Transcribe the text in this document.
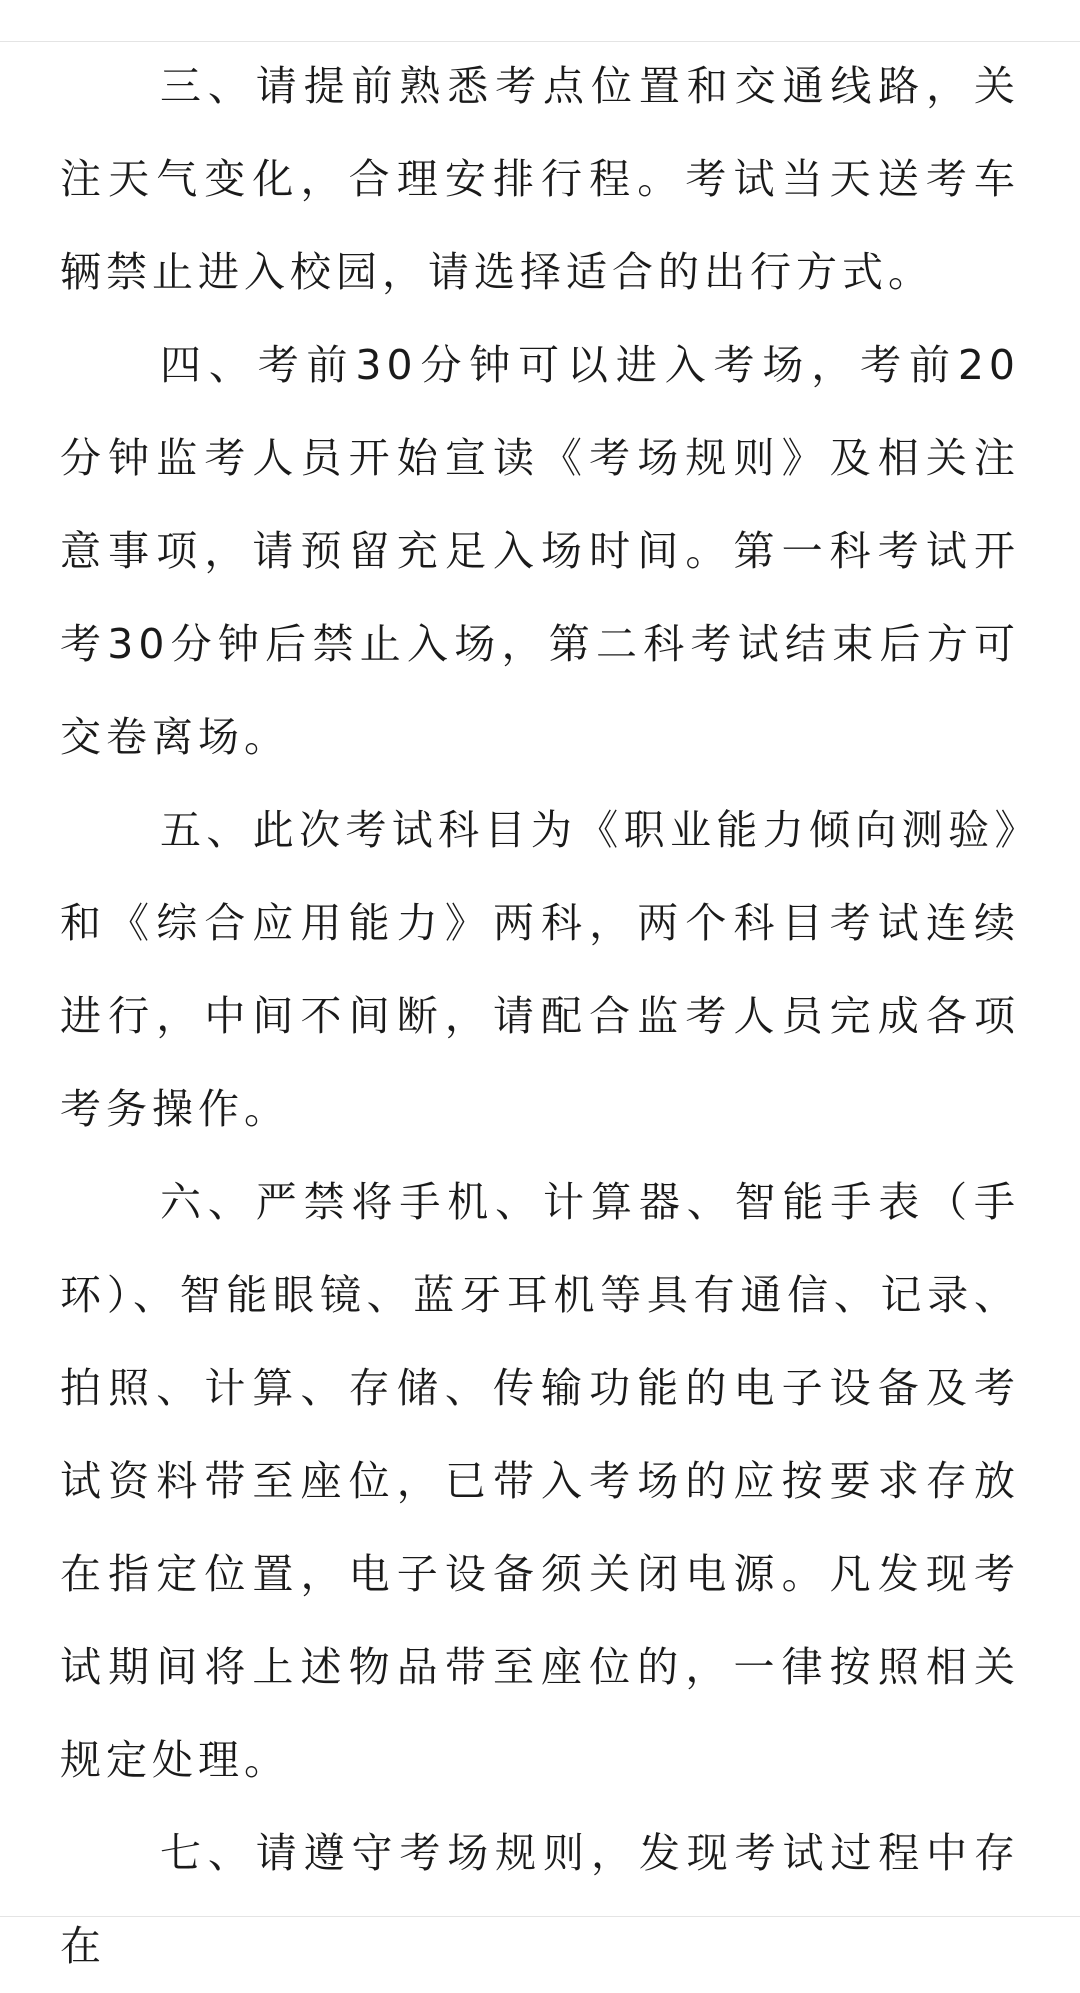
三、请提前熟悉考点位置和交通线路，关注天气变化，合理安排行程。考试当天送考车辆禁止进入校园，请选择适合的出行方式。

四、考前30分钟可以进入考场，考前20分钟监考人员开始宣读《考场规则》及相关注意事项，请预留充足入场时间。第一科考试开考30分钟后禁止入场，第二科考试结束后方可交卷离场。

五、此次考试科目为《职业能力倾向测验》和《综合应用能力》两科，两个科目考试连续进行，中间不间断，请配合监考人员完成各项考务操作。

六、严禁将手机、计算器、智能手表（手环）、智能眼镜、蓝牙耳机等具有通信、记录、拍照、计算、存储、传输功能的电子设备及考试资料带至座位，已带入考场的应按要求存放在指定位置，电子设备须关闭电源。凡发现考试期间将上述物品带至座位的，一律按照相关规定处理。

七、请遵守考场规则，发现考试过程中存在
